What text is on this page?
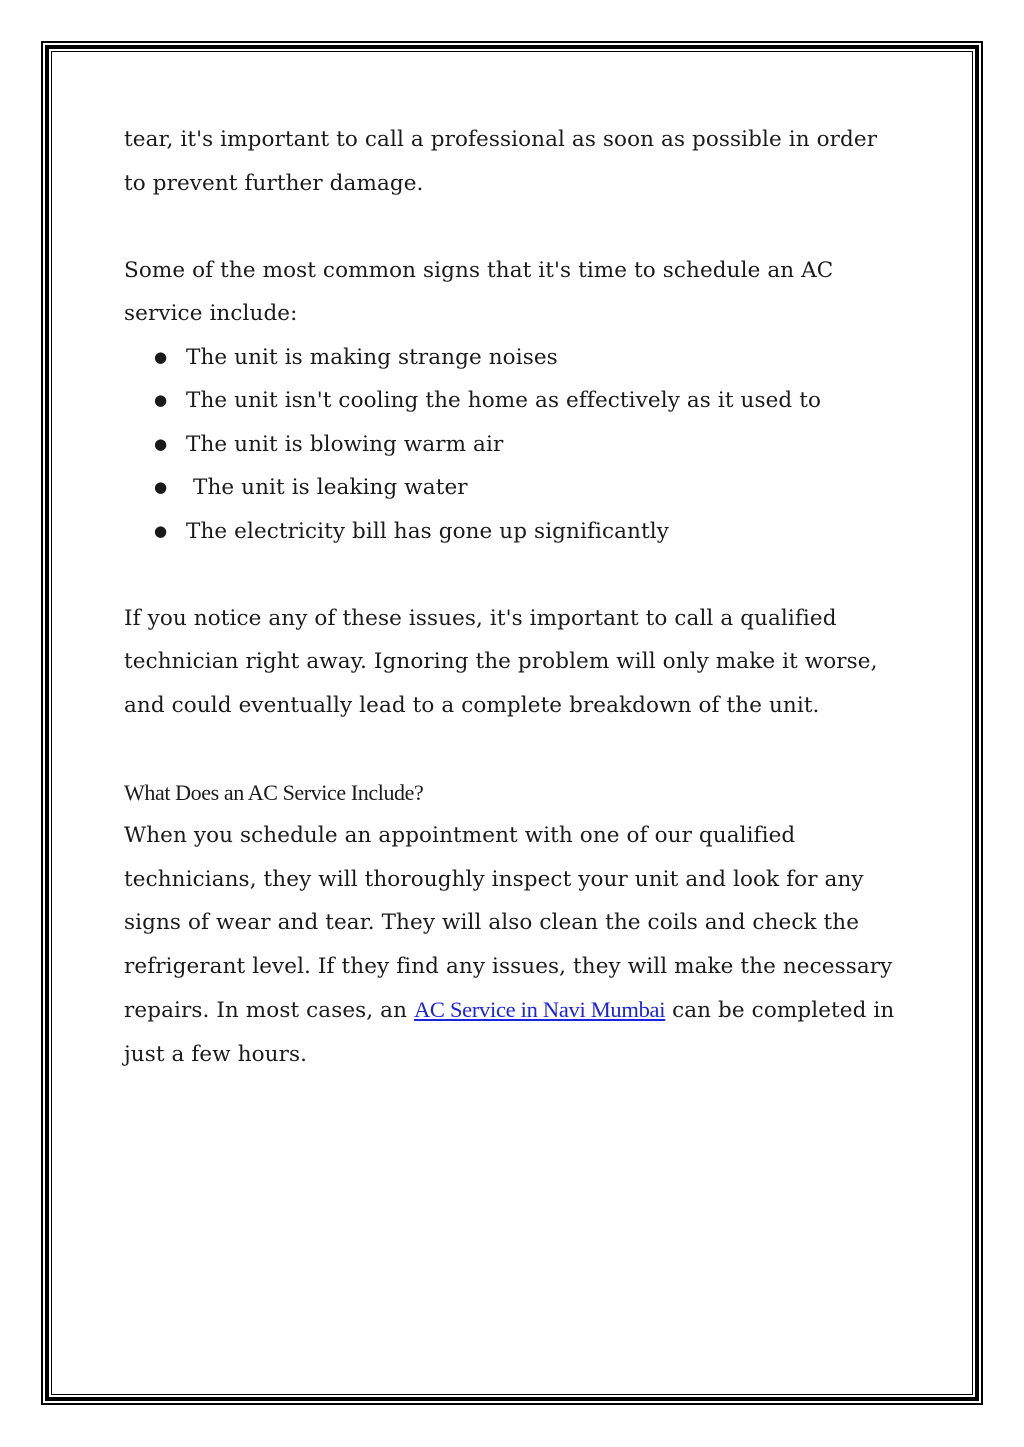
tear, it's important to call a professional as soon as possible in order to prevent further damage.

Some of the most common signs that it's time to schedule an AC service include:

● The unit is making strange noises
● The unit isn't cooling the home as effectively as it used to
● The unit is blowing warm air
● The unit is leaking water
● The electricity bill has gone up significantly

If you notice any of these issues, it's important to call a qualified technician right away. Ignoring the problem will only make it worse, and could eventually lead to a complete breakdown of the unit.

What Does an AC Service Include?

When you schedule an appointment with one of our qualified technicians, they will thoroughly inspect your unit and look for any signs of wear and tear. They will also clean the coils and check the refrigerant level. If they find any issues, they will make the necessary repairs. In most cases, an AC Service in Navi Mumbai can be completed in just a few hours.
